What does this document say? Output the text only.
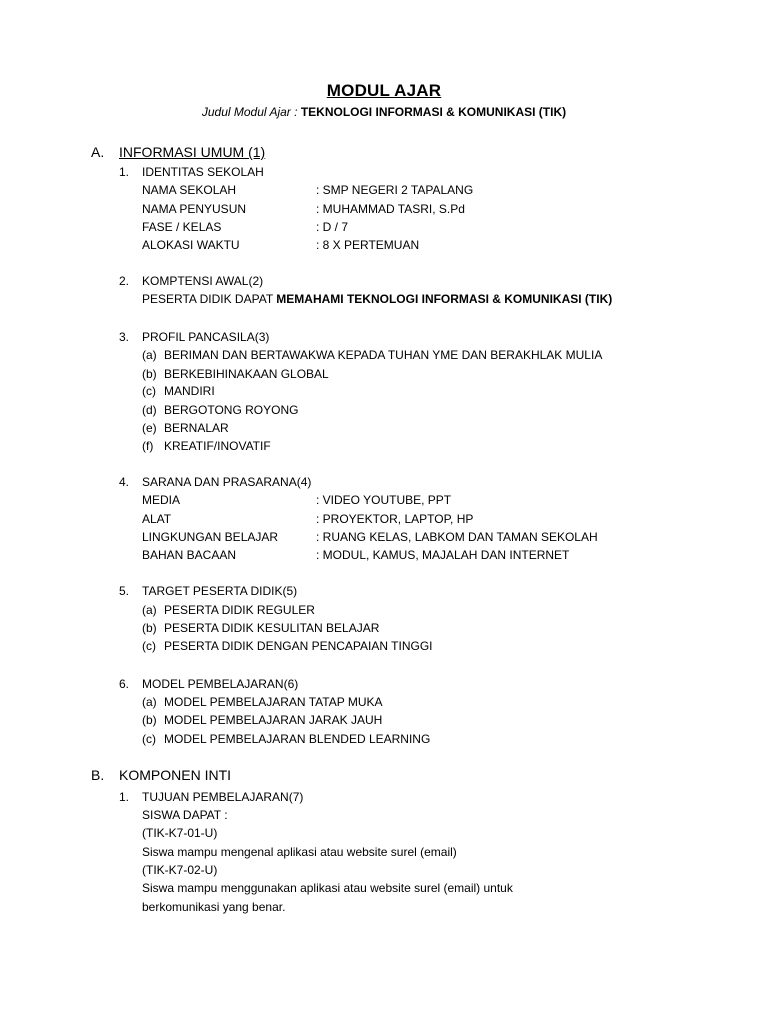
MODUL AJAR
Judul Modul Ajar : TEKNOLOGI INFORMASI & KOMUNIKASI (TIK)
A. INFORMASI UMUM (1)
1. IDENTITAS SEKOLAH
NAMA SEKOLAH	: SMP NEGERI 2 TAPALANG
NAMA PENYUSUN	: MUHAMMAD TASRI, S.Pd
FASE / KELAS	: D / 7
ALOKASI WAKTU	: 8 X PERTEMUAN
2. KOMPTENSI AWAL(2)
PESERTA DIDIK DAPAT MEMAHAMI TEKNOLOGI INFORMASI & KOMUNIKASI (TIK)
3. PROFIL PANCASILA(3)
(a) BERIMAN DAN BERTAWAKWA KEPADA TUHAN YME DAN BERAKHLAK MULIA
(b) BERKEBIHINAKAAN GLOBAL
(c) MANDIRI
(d) BERGOTONG ROYONG
(e) BERNALAR
(f) KREATIF/INOVATIF
4. SARANA DAN PRASARANA(4)
MEDIA	: VIDEO YOUTUBE, PPT
ALAT	: PROYEKTOR, LAPTOP, HP
LINGKUNGAN BELAJAR	: RUANG KELAS, LABKOM DAN TAMAN SEKOLAH
BAHAN BACAAN	: MODUL, KAMUS, MAJALAH DAN INTERNET
5. TARGET PESERTA DIDIK(5)
(a) PESERTA DIDIK REGULER
(b) PESERTA DIDIK KESULITAN BELAJAR
(c) PESERTA DIDIK DENGAN PENCAPAIAN TINGGI
6. MODEL PEMBELAJARAN(6)
(a) MODEL PEMBELAJARAN TATAP MUKA
(b) MODEL PEMBELAJARAN JARAK JAUH
(c) MODEL PEMBELAJARAN BLENDED LEARNING
B. KOMPONEN INTI
1. TUJUAN PEMBELAJARAN(7)
SISWA DAPAT :
(TIK-K7-01-U)
Siswa mampu mengenal aplikasi atau website surel (email)
(TIK-K7-02-U)
Siswa mampu menggunakan aplikasi atau website surel (email) untuk
berkomunikasi yang benar.
